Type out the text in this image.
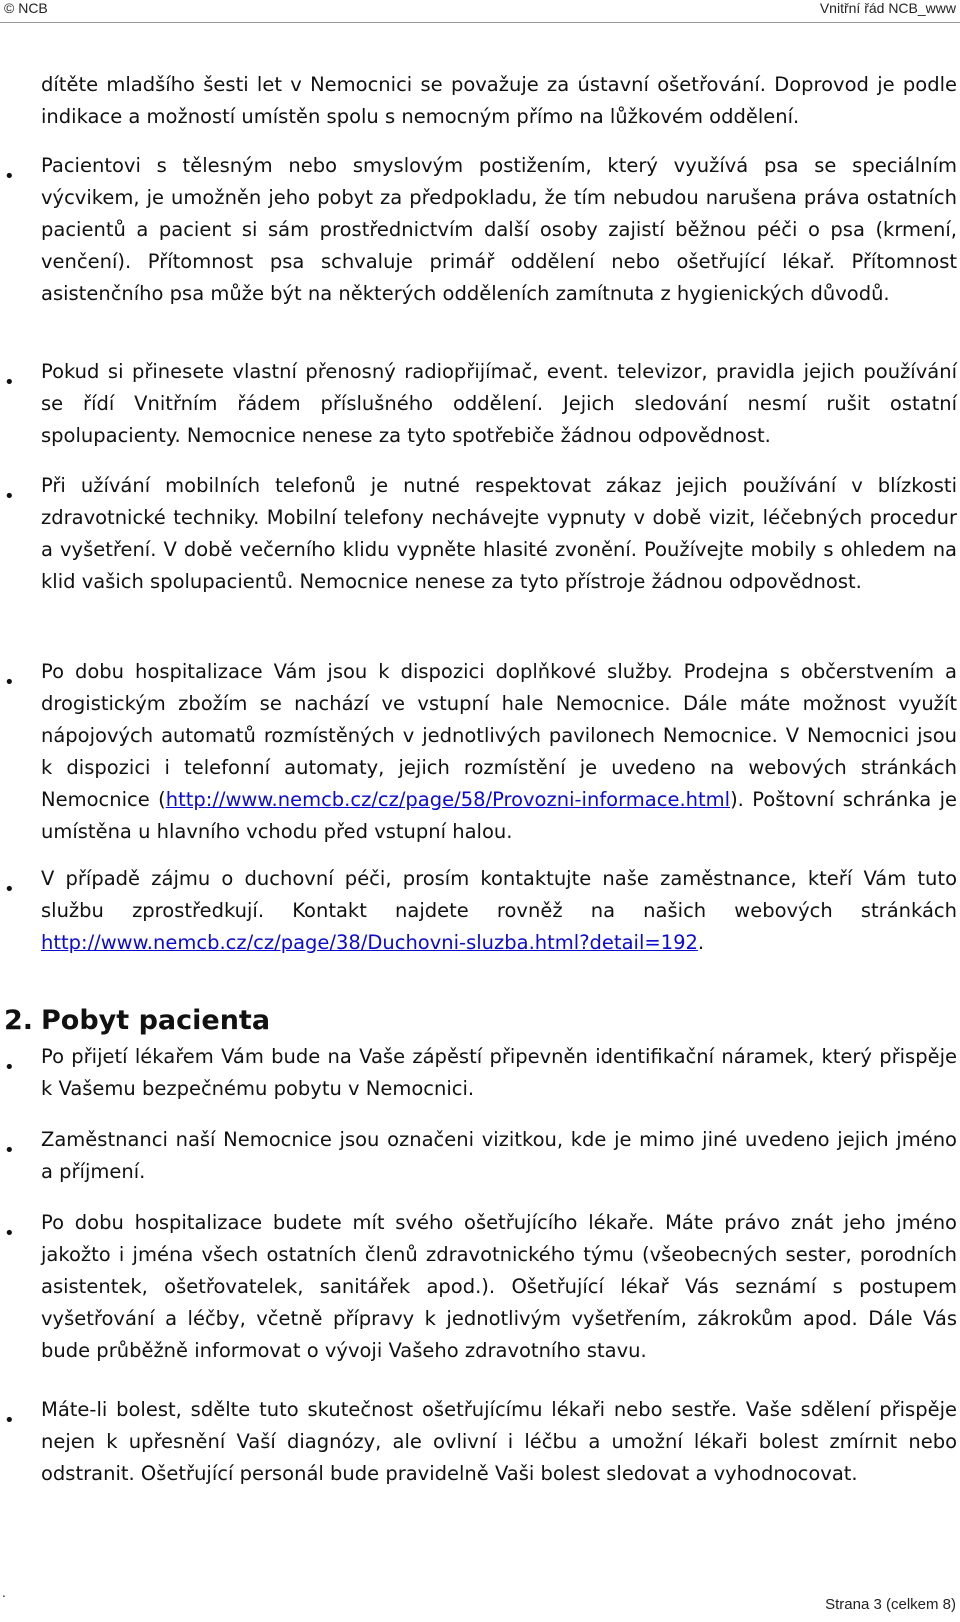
© NCB	Vnitřní řád NCB_www

dítěte mladšího šesti let v Nemocnici se považuje za ústavní ošetřování. Doprovod je podle indikace a možností umístěn spolu s nemocným přímo na lůžkovém oddělení.

• Pacientovi s tělesným nebo smyslovým postižením, který využívá psa se speciálním výcvikem, je umožněn jeho pobyt za předpokladu, že tím nebudou narušena práva ostatních pacientů a pacient si sám prostřednictvím další osoby zajistí běžnou péči o psa (krmení, venčení). Přítomnost psa schvaluje primář oddělení nebo ošetřující lékař. Přítomnost asistenčního psa může být na některých odděleních zamítnuta z hygienických důvodů.

• Pokud si přinesete vlastní přenosný radiopřijímač, event. televizor, pravidla jejich používání se řídí Vnitřním řádem příslušného oddělení. Jejich sledování nesmí rušit ostatní spolupacienty. Nemocnice nenese za tyto spotřebiče žádnou odpovědnost.

• Při užívání mobilních telefonů je nutné respektovat zákaz jejich používání v blízkosti zdravotnické techniky. Mobilní telefony nechávejte vypnuty v době vizit, léčebných procedur a vyšetření. V době večerního klidu vypněte hlasité zvonění. Používejte mobily s ohledem na klid vašich spolupacientů. Nemocnice nenese za tyto přístroje žádnou odpovědnost.

• Po dobu hospitalizace Vám jsou k dispozici doplňkové služby. Prodejna s občerstvením a drogistickým zbožím se nachází ve vstupní hale Nemocnice. Dále máte možnost využít nápojových automatů rozmístěných v jednotlivých pavilonech Nemocnice. V Nemocnici jsou k dispozici i telefonní automaty, jejich rozmístění je uvedeno na webových stránkách Nemocnice (http://www.nemcb.cz/cz/page/58/Provozni-informace.html). Poštovní schránka je umístěna u hlavního vchodu před vstupní halou.

• V případě zájmu o duchovní péči, prosím kontaktujte naše zaměstnance, kteří Vám tuto službu zprostředkují. Kontakt najdete rovněž na našich webových stránkách http://www.nemcb.cz/cz/page/38/Duchovni-sluzba.html?detail=192.

2. Pobyt pacienta
• Po přijetí lékařem Vám bude na Vaše zápěstí připevněn identifikační náramek, který přispěje k Vašemu bezpečnému pobytu v Nemocnici.

• Zaměstnanci naší Nemocnice jsou označeni vizitkou, kde je mimo jiné uvedeno jejich jméno a příjmení.

• Po dobu hospitalizace budete mít svého ošetřujícího lékaře. Máte právo znát jeho jméno jakožto i jména všech ostatních členů zdravotnického týmu (všeobecných sester, porodních asistentek, ošetřovatelek, sanitářek apod.). Ošetřující lékař Vás seznámí s postupem vyšetřování a léčby, včetně přípravy k jednotlivým vyšetřením, zákrokům apod. Dále Vás bude průběžně informovat o vývoji Vašeho zdravotního stavu.

• Máte-li bolest, sdělte tuto skutečnost ošetřujícímu lékaři nebo sestře. Vaše sdělení přispěje nejen k upřesnění Vaší diagnózy, ale ovlivní i léčbu a umožní lékaři bolest zmírnit nebo odstranit. Ošetřující personál bude pravidelně Vaši bolest sledovat a vyhodnocovat.

.
Strana 3 (celkem 8)
